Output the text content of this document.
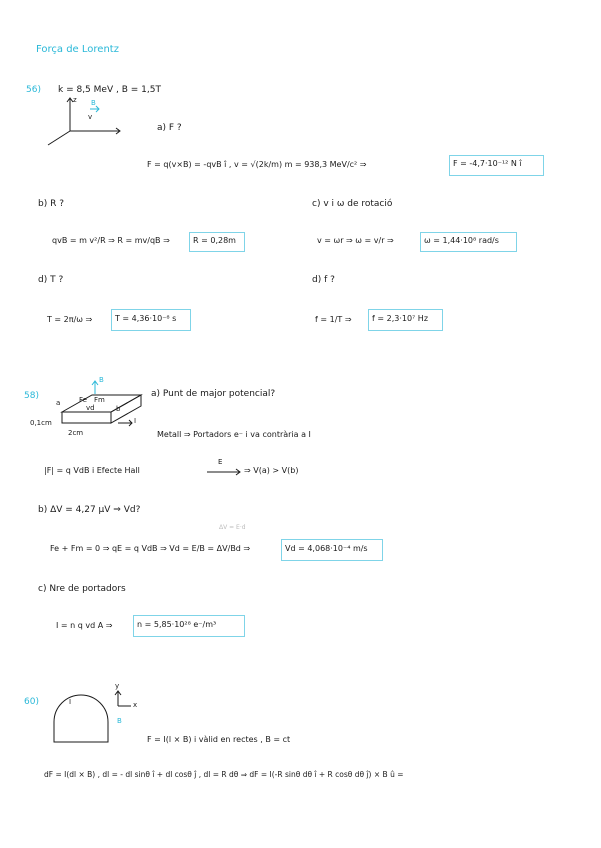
Força de Lorentz
56) k = 8,5 MeV , B = 1,5T
z B
v
a) F ?
F = q(v×B) = -qvB î , v = √(2k/m) m = 938,3 MeV/c² ⇒	F = -4,7·10⁻¹² N î
b) R ?
qvB = m v²/R ⇒ R = mv/qB ⇒	R = 0,28m
c) v i ω de rotació
v = ωr ⇒ ω = v/r ⇒	ω = 1,44·10⁸ rad/s
d) T ?
T = 2π/ω ⇒	T = 4,36·10⁻⁸ s
d) f ?
f = 1/T ⇒	f = 2,3·10⁷ Hz
58)
a
b
0,1cm
2cm
B
I
Fe Fm
vd
a) Punt de major potencial?
Metall ⇒ Portadors e⁻ i va contrària a I
|F| = q VdB i Efecte Hall
E
⇒ V(a) > V(b)
b) ΔV = 4,27 μV ⇒ Vd?
ΔV = E·d
Fe + Fm = 0 ⇒ qE = q VdB ⇒ Vd = E/B = ΔV/Bd ⇒	Vd = 4,068·10⁻⁴ m/s
c) Nre de portadors
I = n q vd A ⇒	n = 5,85·10²⁸ e⁻/m³
60)	I
y
x
B
F = I(l × B) i vàlid en rectes , B = ct
dF = I(dl × B) , dl = - dl sinθ î + dl cosθ ĵ , dl = R dθ ⇒ dF = I(-R sinθ dθ î + R cosθ dθ ĵ) × B û =
